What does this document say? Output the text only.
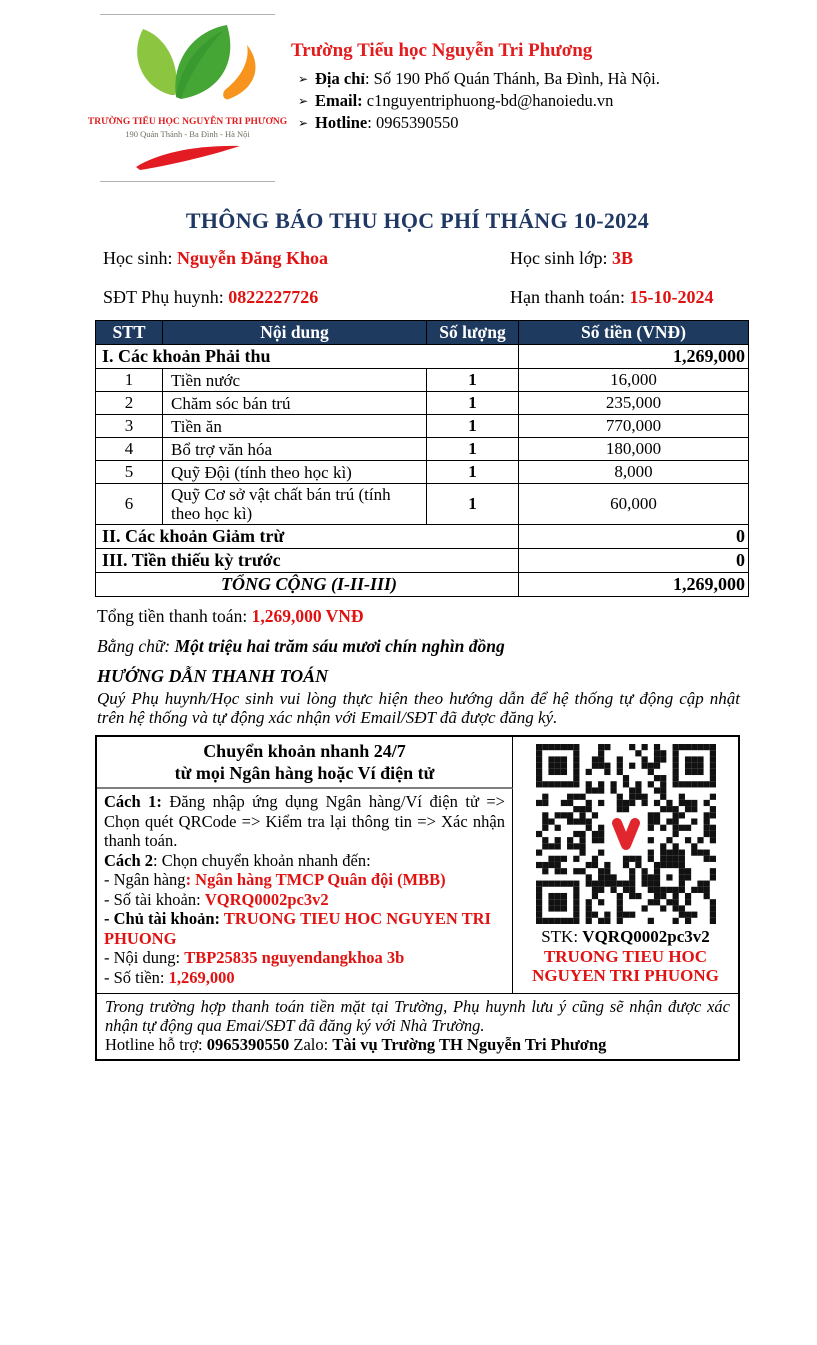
TRƯỜNG TIỂU HỌC NGUYỄN TRI PHƯƠNG
190 Quán Thánh - Ba Đình - Hà Nội
Trường Tiểu học Nguyễn Tri Phương
➢ Địa chỉ: Số 190 Phố Quán Thánh, Ba Đình, Hà Nội.
➢ Email: c1nguyentriphuong-bd@hanoiedu.vn
➢ Hotline: 0965390550
THÔNG BÁO THU HỌC PHÍ THÁNG 10-2024
Học sinh: Nguyễn Đăng Khoa	Học sinh lớp: 3B
SĐT Phụ huynh: 0822227726	Hạn thanh toán: 15-10-2024
STT	Nội dung	Số lượng	Số tiền (VNĐ)
I. Các khoản Phải thu			1,269,000
1	Tiền nước	1	16,000
2	Chăm sóc bán trú	1	235,000
3	Tiền ăn	1	770,000
4	Bổ trợ văn hóa	1	180,000
5	Quỹ Đội (tính theo học kì)	1	8,000
6	Quỹ Cơ sở vật chất bán trú (tính theo học kì)	1	60,000
II. Các khoản Giảm trừ			0
III. Tiền thiếu kỳ trước			0
TỔNG CỘNG (I-II-III)			1,269,000
Tổng tiền thanh toán: 1,269,000 VNĐ
Bằng chữ: Một triệu hai trăm sáu mươi chín nghìn đồng
HƯỚNG DẪN THANH TOÁN
Quý Phụ huynh/Học sinh vui lòng thực hiện theo hướng dẫn để hệ thống tự động cập nhật trên hệ thống và tự động xác nhận với Email/SĐT đã được đăng ký.
Chuyển khoản nhanh 24/7
từ mọi Ngân hàng hoặc Ví điện tử

Cách 1: Đăng nhập ứng dụng Ngân hàng/Ví điện tử => Chọn quét QRCode => Kiểm tra lại thông tin => Xác nhận thanh toán.

Cách 2: Chọn chuyển khoản nhanh đến:

- Ngân hàng: Ngân hàng TMCP Quân đội (MBB)

- Số tài khoản: VQRQ0002pc3v2

- Chủ tài khoản: TRUONG TIEU HOC NGUYEN TRI PHUONG

- Nội dung: TBP25835 nguyendangkhoa 3b

- Số tiền: 1,269,000

STK: VQRQ0002pc3v2
TRUONG TIEU HOC
NGUYEN TRI PHUONG
Trong trường hợp thanh toán tiền mặt tại Trường, Phụ huynh lưu ý cũng sẽ nhận được xác nhận tự động qua Emai/SĐT đã đăng ký với Nhà Trường.
Hotline hỗ trợ: 0965390550 Zalo: Tài vụ Trường TH Nguyễn Tri Phương
